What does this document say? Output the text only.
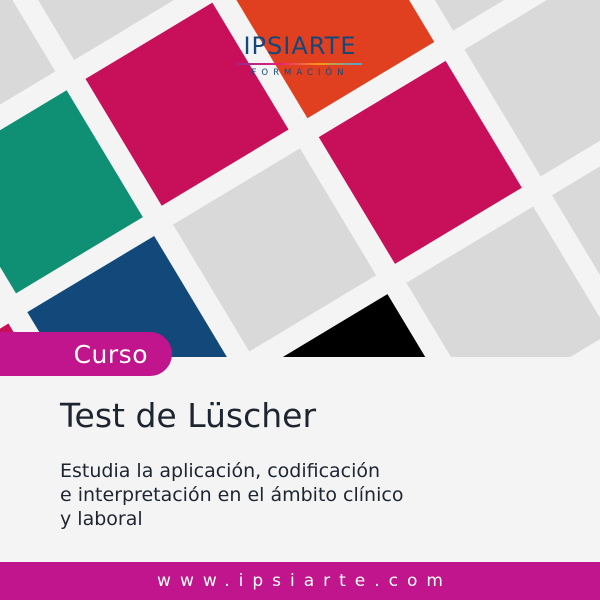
IPSIARTE
FORMACIÓN
Curso
Test de Lüscher
Estudia la aplicación, codificación
e interpretación en el ámbito clínico
y laboral
www.ipsiarte.com
